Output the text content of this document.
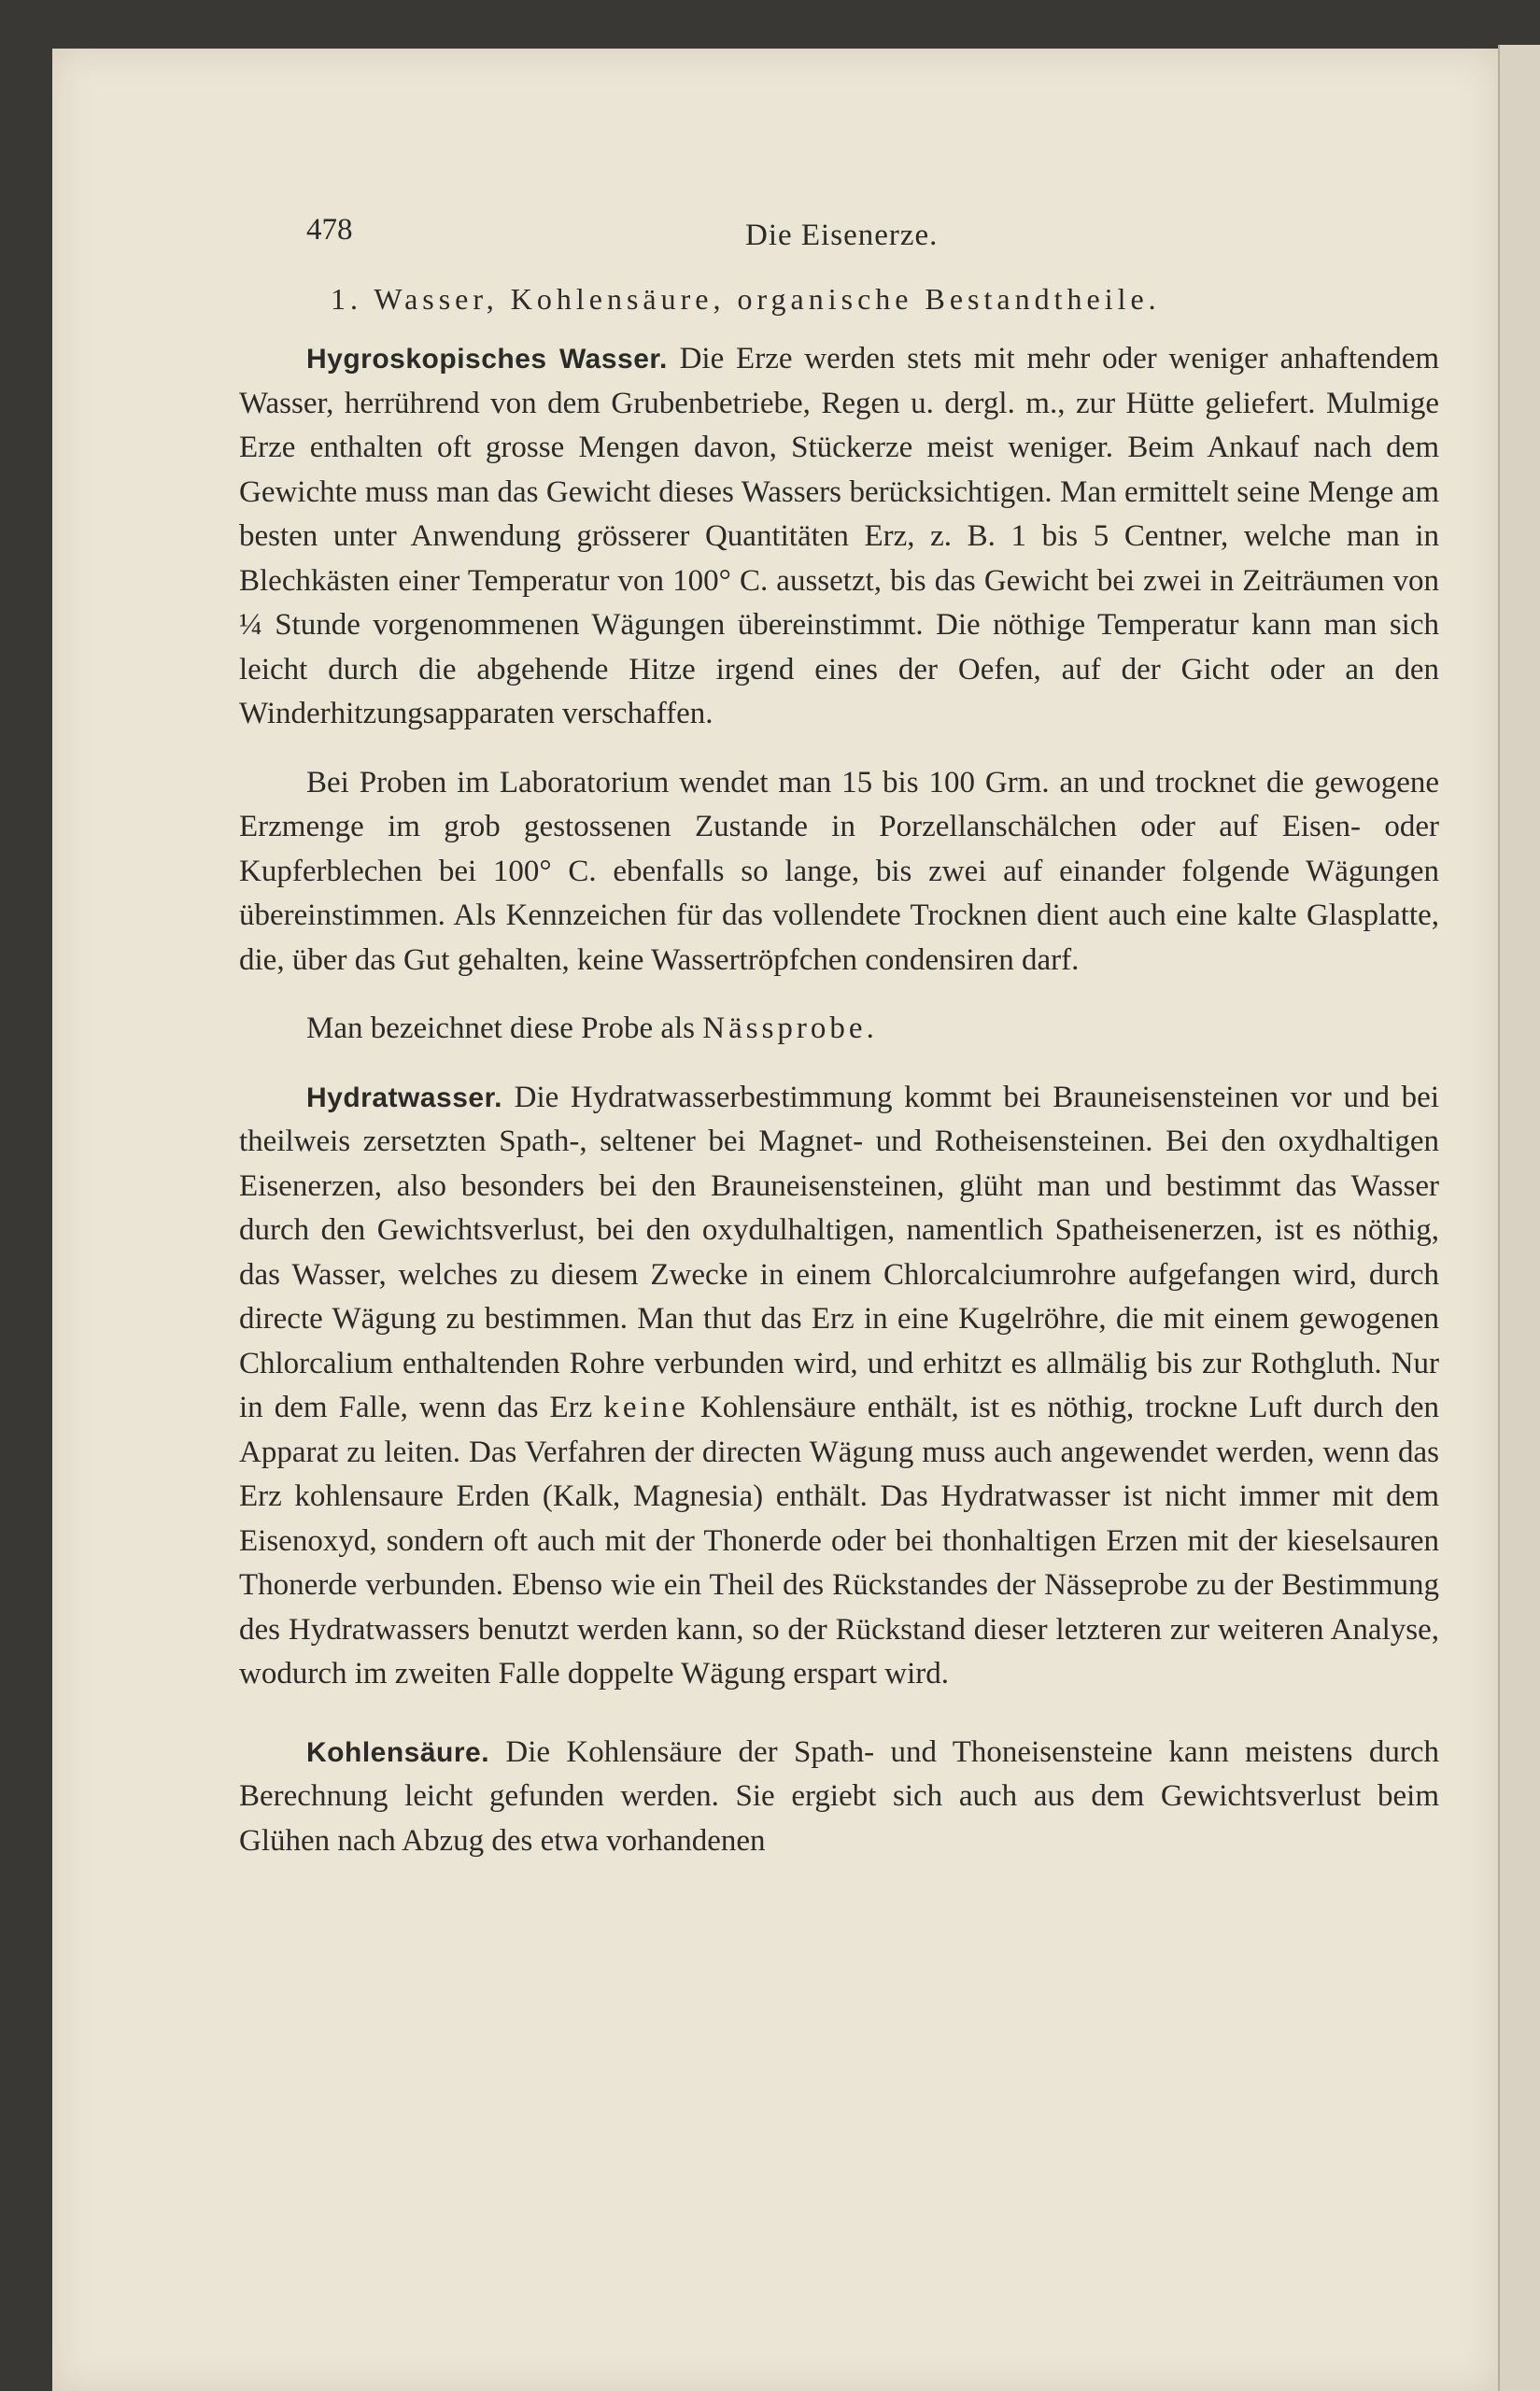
478	Die Eisenerze.
1. Wasser, Kohlensäure, organische Bestandtheile.

Hygroskopisches Wasser. Die Erze werden stets mit mehr oder weniger anhaftendem Wasser, herrührend von dem Grubenbetriebe, Regen u. dergl. m., zur Hütte geliefert. Mulmige Erze enthalten oft grosse Mengen davon, Stückerze meist weniger. Beim Ankauf nach dem Gewichte muss man das Gewicht dieses Wassers berücksichtigen. Man ermittelt seine Menge am besten unter Anwendung grösserer Quantitäten Erz, z. B. 1 bis 5 Centner, welche man in Blechkästen einer Temperatur von 100° C. aussetzt, bis das Gewicht bei zwei in Zeiträumen von ¼ Stunde vorgenommenen Wägungen übereinstimmt. Die nöthige Temperatur kann man sich leicht durch die abgehende Hitze irgend eines der Oefen, auf der Gicht oder an den Winderhitzungsapparaten verschaffen.

Bei Proben im Laboratorium wendet man 15 bis 100 Grm. an und trocknet die gewogene Erzmenge im grob gestossenen Zustande in Porzellanschälchen oder auf Eisen- oder Kupferblechen bei 100° C. ebenfalls so lange, bis zwei auf einander folgende Wägungen übereinstimmen. Als Kennzeichen für das vollendete Trocknen dient auch eine kalte Glasplatte, die, über das Gut gehalten, keine Wassertröpfchen condensiren darf.

Man bezeichnet diese Probe als Nässprobe.

Hydratwasser. Die Hydratwasserbestimmung kommt bei Brauneisensteinen vor und bei theilweis zersetzten Spath-, seltener bei Magnet- und Rotheisensteinen. Bei den oxydhaltigen Eisenerzen, also besonders bei den Brauneisensteinen, glüht man und bestimmt das Wasser durch den Gewichtsverlust, bei den oxydulhaltigen, namentlich Spatheisenerzen, ist es nöthig, das Wasser, welches zu diesem Zwecke in einem Chlorcalciumrohre aufgefangen wird, durch directe Wägung zu bestimmen. Man thut das Erz in eine Kugelröhre, die mit einem gewogenen Chlorcalium enthaltenden Rohre verbunden wird, und erhitzt es allmälig bis zur Rothgluth. Nur in dem Falle, wenn das Erz keine Kohlensäure enthält, ist es nöthig, trockne Luft durch den Apparat zu leiten. Das Verfahren der directen Wägung muss auch angewendet werden, wenn das Erz kohlensaure Erden (Kalk, Magnesia) enthält. Das Hydratwasser ist nicht immer mit dem Eisenoxyd, sondern oft auch mit der Thonerde oder bei thonhaltigen Erzen mit der kieselsauren Thonerde verbunden. Ebenso wie ein Theil des Rückstandes der Nässeprobe zu der Bestimmung des Hydratwassers benutzt werden kann, so der Rückstand dieser letzteren zur weiteren Analyse, wodurch im zweiten Falle doppelte Wägung erspart wird.

Kohlensäure. Die Kohlensäure der Spath- und Thoneisensteine kann meistens durch Berechnung leicht gefunden werden. Sie ergiebt sich auch aus dem Gewichtsverlust beim Glühen nach Abzug des etwa vorhandenen
